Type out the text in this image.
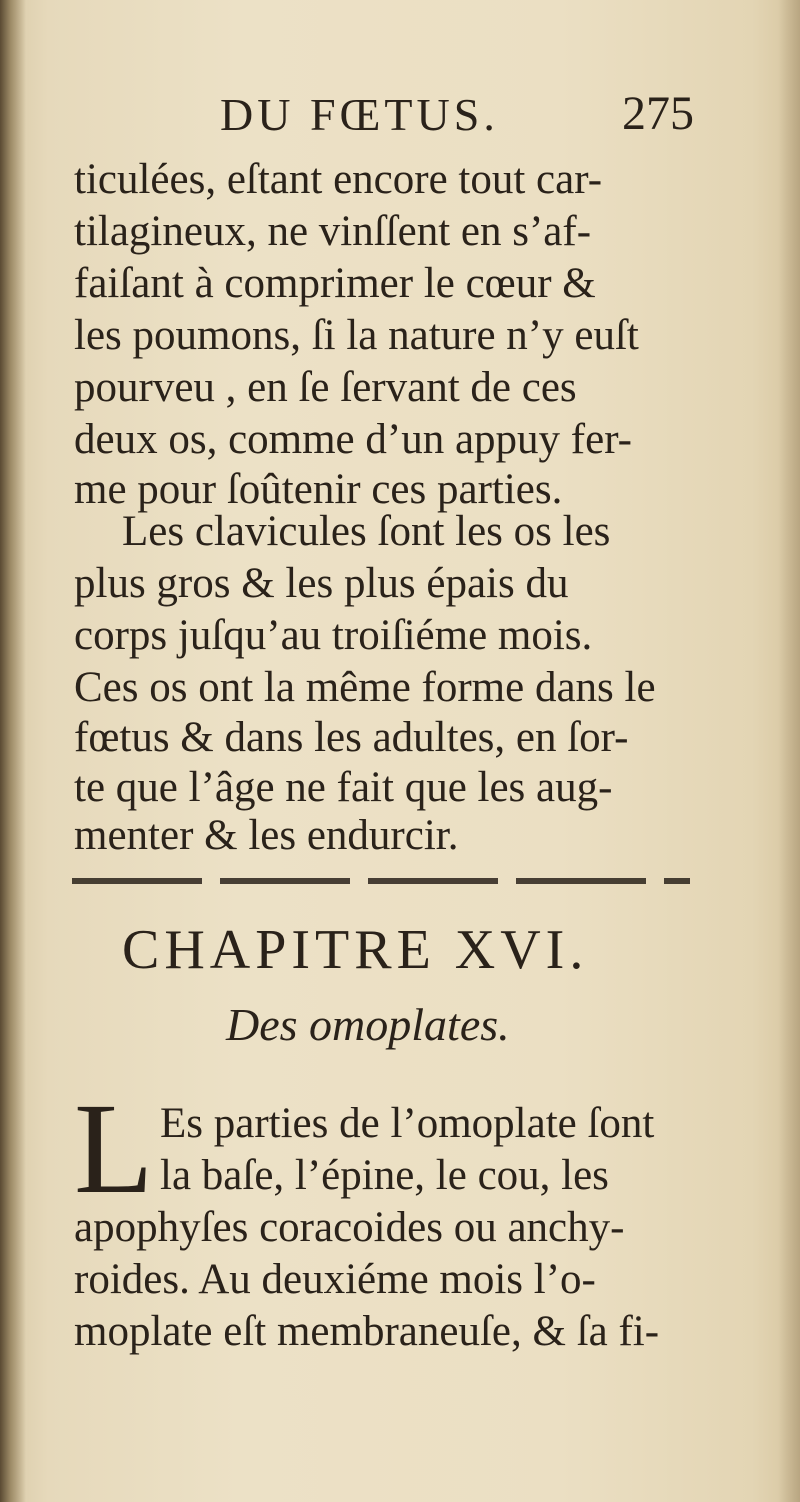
DU FŒTUS.	275
ticulées, eſtant encore tout car-
tilagineux, ne vinſſent en s’af-
faiſant à comprimer le cœur &
les poumons, ſi la nature n’y euſt
pourveu , en ſe ſervant de ces
deux os, comme d’un appuy fer-
me pour ſoûtenir ces parties.
Les clavicules ſont les os les
plus gros & les plus épais du
corps juſqu’au troiſiéme mois.
Ces os ont la même forme dans le
fœtus & dans les adultes, en ſor-
te que l’âge ne fait que les aug-
menter & les endurcir.
CHAPITRE XVI.
Des omoplates.
L Es parties de l’omoplate ſont
la baſe, l’épine, le cou, les
apophyſes coracoides ou anchy-
roides. Au deuxiéme mois l’o-
moplate eſt membraneuſe, & ſa fi-
